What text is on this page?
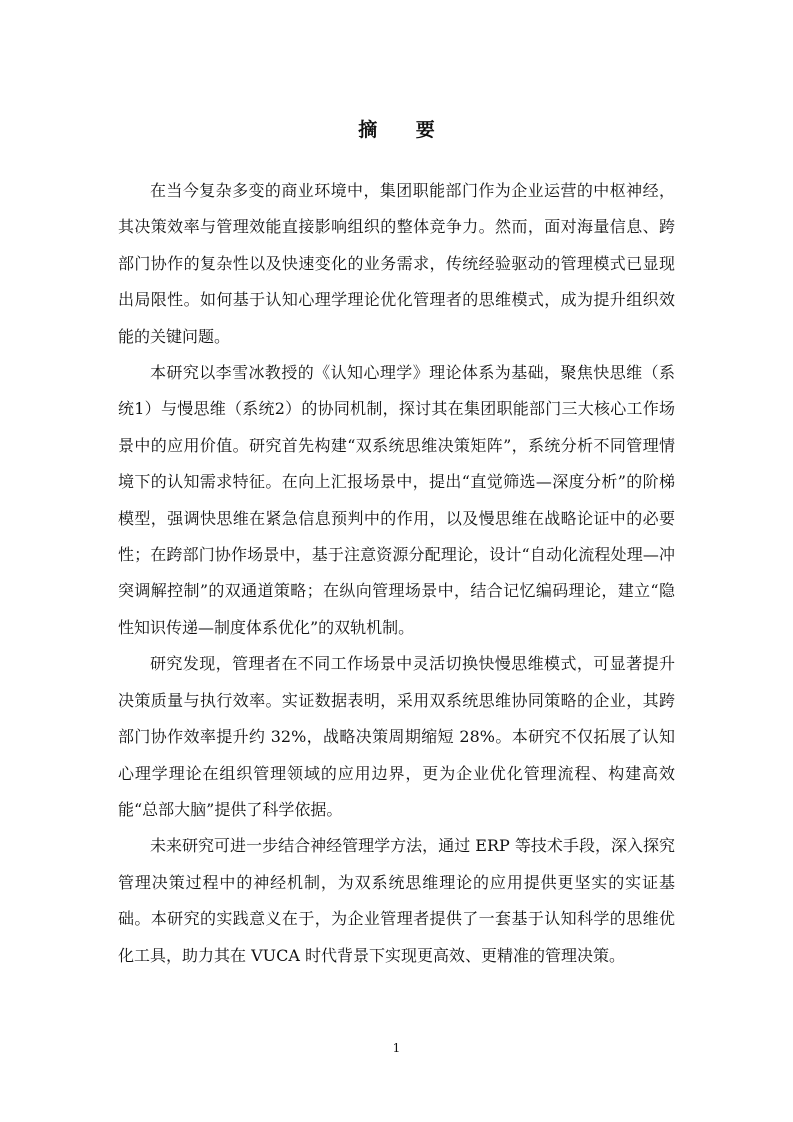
摘 要

在当今复杂多变的商业环境中，集团职能部门作为企业运营的中枢神经，其决策效率与管理效能直接影响组织的整体竞争力。然而，面对海量信息、跨部门协作的复杂性以及快速变化的业务需求，传统经验驱动的管理模式已显现出局限性。如何基于认知心理学理论优化管理者的思维模式，成为提升组织效能的关键问题。

本研究以李雪冰教授的《认知心理学》理论体系为基础，聚焦快思维（系统1）与慢思维（系统2）的协同机制，探讨其在集团职能部门三大核心工作场景中的应用价值。研究首先构建“双系统思维决策矩阵”，系统分析不同管理情境下的认知需求特征。在向上汇报场景中，提出“直觉筛选—深度分析”的阶梯模型，强调快思维在紧急信息预判中的作用，以及慢思维在战略论证中的必要性；在跨部门协作场景中，基于注意资源分配理论，设计“自动化流程处理—冲突调解控制”的双通道策略；在纵向管理场景中，结合记忆编码理论，建立“隐性知识传递—制度体系优化”的双轨机制。

研究发现，管理者在不同工作场景中灵活切换快慢思维模式，可显著提升决策质量与执行效率。实证数据表明，采用双系统思维协同策略的企业，其跨部门协作效率提升约 32%，战略决策周期缩短 28%。本研究不仅拓展了认知心理学理论在组织管理领域的应用边界，更为企业优化管理流程、构建高效能“总部大脑”提供了科学依据。

未来研究可进一步结合神经管理学方法，通过 ERP 等技术手段，深入探究管理决策过程中的神经机制，为双系统思维理论的应用提供更坚实的实证基础。本研究的实践意义在于，为企业管理者提供了一套基于认知科学的思维优化工具，助力其在 VUCA 时代背景下实现更高效、更精准的管理决策。

1
